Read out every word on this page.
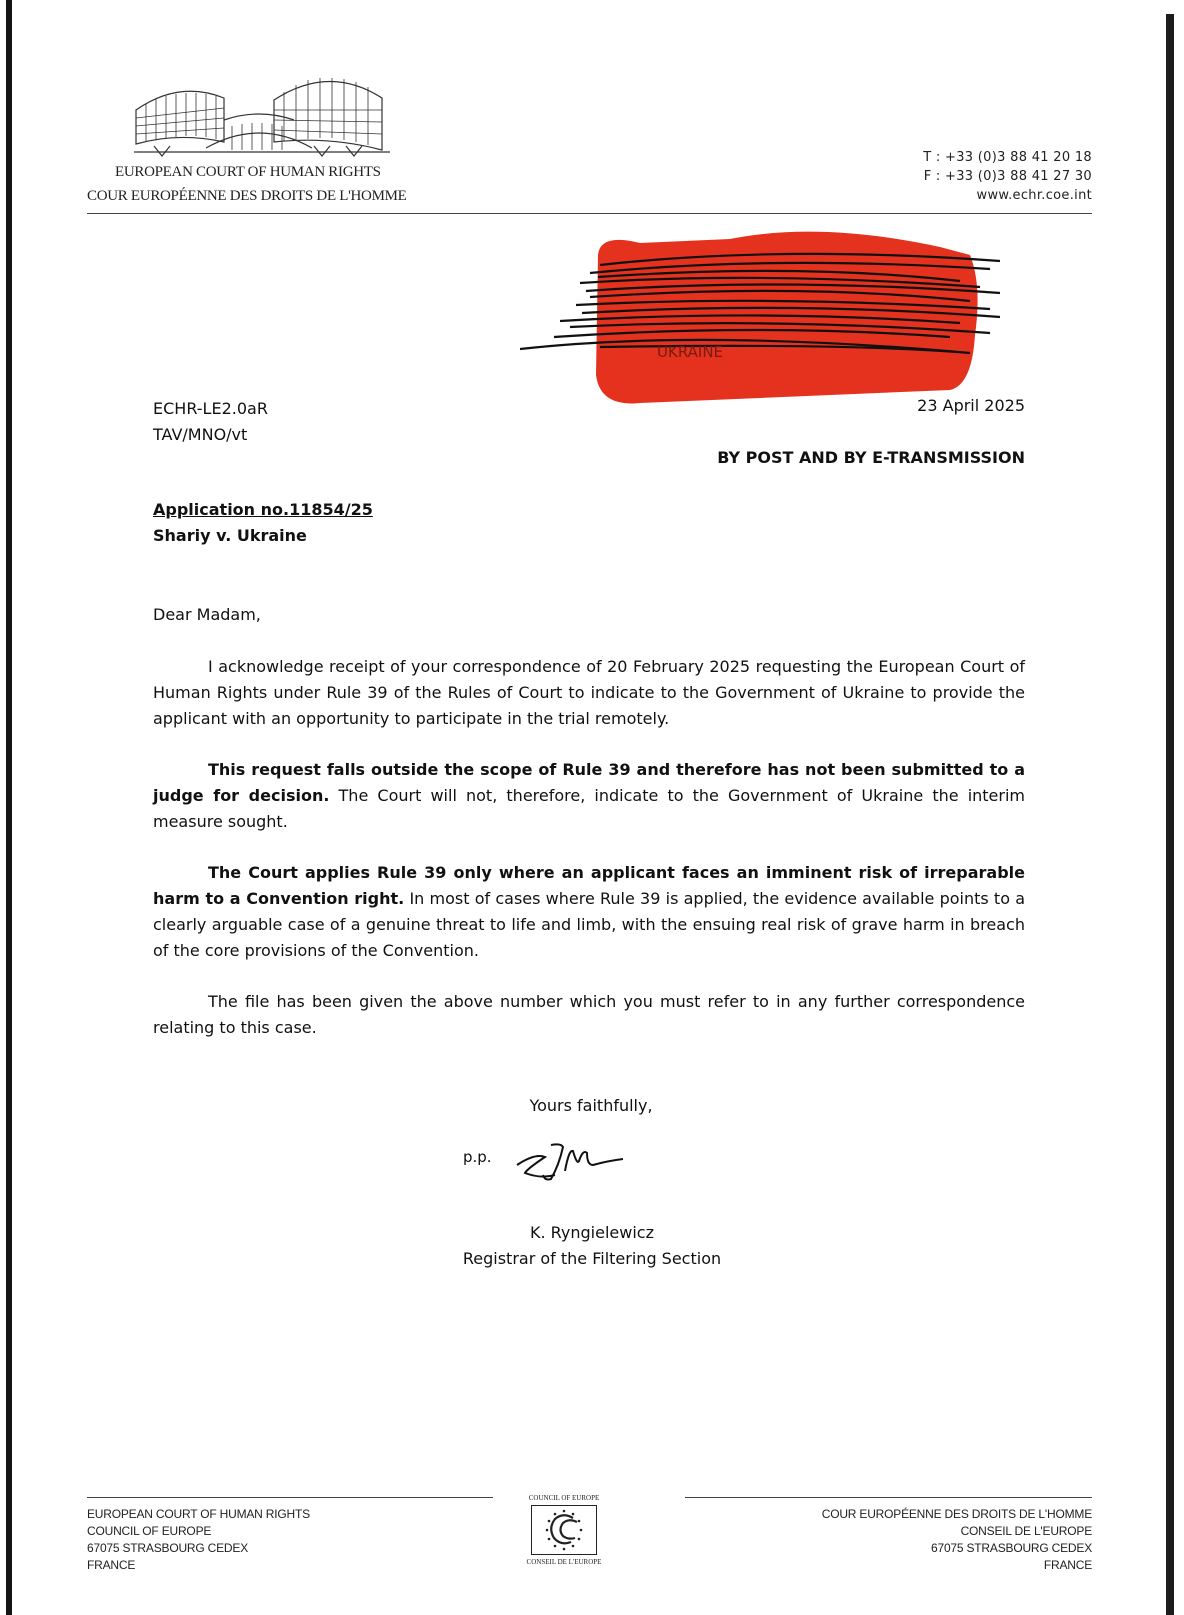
EUROPEAN COURT OF HUMAN RIGHTS
COUR EUROPÉENNE DES DROITS DE L'HOMME
T : +33 (0)3 88 41 20 18
F : +33 (0)3 88 41 27 30
www.echr.coe.int
UKRAINE
ECHR-LE2.0aR
TAV/MNO/vt
23 April 2025
BY POST AND BY E-TRANSMISSION
Application no.11854/25
Shariy v. Ukraine
Dear Madam,
I acknowledge receipt of your correspondence of 20 February 2025 requesting the European Court of Human Rights under Rule 39 of the Rules of Court to indicate to the Government of Ukraine to provide the applicant with an opportunity to participate in the trial remotely.
This request falls outside the scope of Rule 39 and therefore has not been submitted to a judge for decision. The Court will not, therefore, indicate to the Government of Ukraine the interim measure sought.
The Court applies Rule 39 only where an applicant faces an imminent risk of irreparable harm to a Convention right. In most of cases where Rule 39 is applied, the evidence available points to a clearly arguable case of a genuine threat to life and limb, with the ensuing real risk of grave harm in breach of the core provisions of the Convention.
The file has been given the above number which you must refer to in any further correspondence relating to this case.
Yours faithfully,
p.p.
K. Ryngielewicz
Registrar of the Filtering Section
EUROPEAN COURT OF HUMAN RIGHTS
COUNCIL OF EUROPE
67075 STRASBOURG CEDEX
FRANCE
COUNCIL OF EUROPE
CONSEIL DE L'EUROPE
COUR EUROPÉENNE DES DROITS DE L'HOMME
CONSEIL DE L'EUROPE
67075 STRASBOURG CEDEX
FRANCE
